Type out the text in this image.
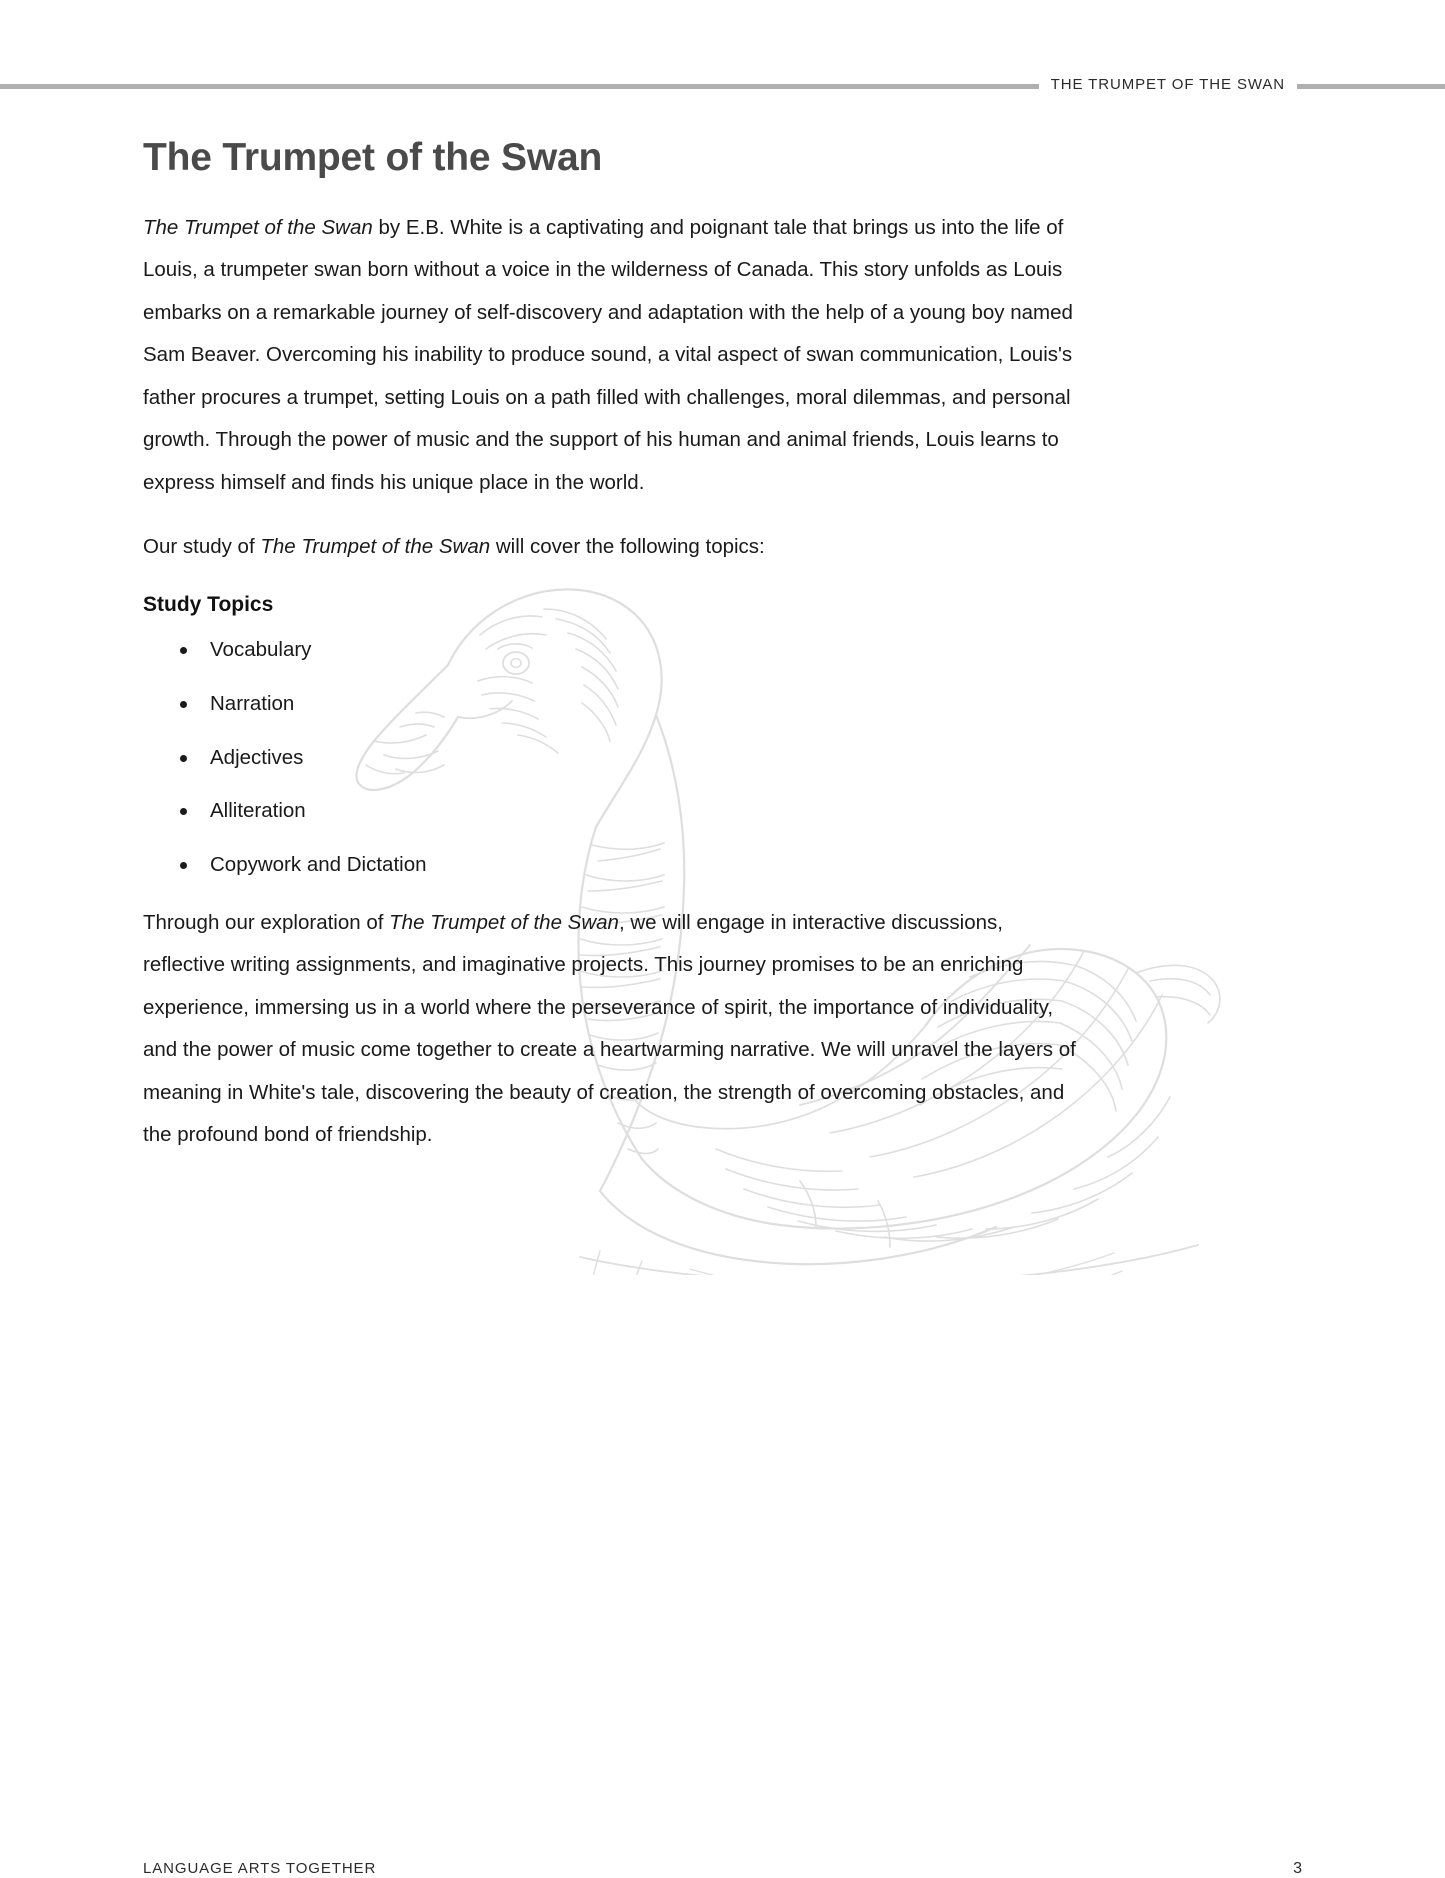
THE TRUMPET OF THE SWAN
The Trumpet of the Swan

The Trumpet of the Swan by E.B. White is a captivating and poignant tale that brings us into the life of Louis, a trumpeter swan born without a voice in the wilderness of Canada. This story unfolds as Louis embarks on a remarkable journey of self-discovery and adaptation with the help of a young boy named Sam Beaver. Overcoming his inability to produce sound, a vital aspect of swan communication, Louis's father procures a trumpet, setting Louis on a path filled with challenges, moral dilemmas, and personal growth. Through the power of music and the support of his human and animal friends, Louis learns to express himself and finds his unique place in the world.

Our study of The Trumpet of the Swan will cover the following topics:

Study Topics
Vocabulary
Narration
Adjectives
Alliteration
Copywork and Dictation

Through our exploration of The Trumpet of the Swan, we will engage in interactive discussions, reflective writing assignments, and imaginative projects. This journey promises to be an enriching experience, immersing us in a world where the perseverance of spirit, the importance of individuality, and the power of music come together to create a heartwarming narrative. We will unravel the layers of meaning in White's tale, discovering the beauty of creation, the strength of overcoming obstacles, and the profound bond of friendship.

LANGUAGE ARTS TOGETHER	3
